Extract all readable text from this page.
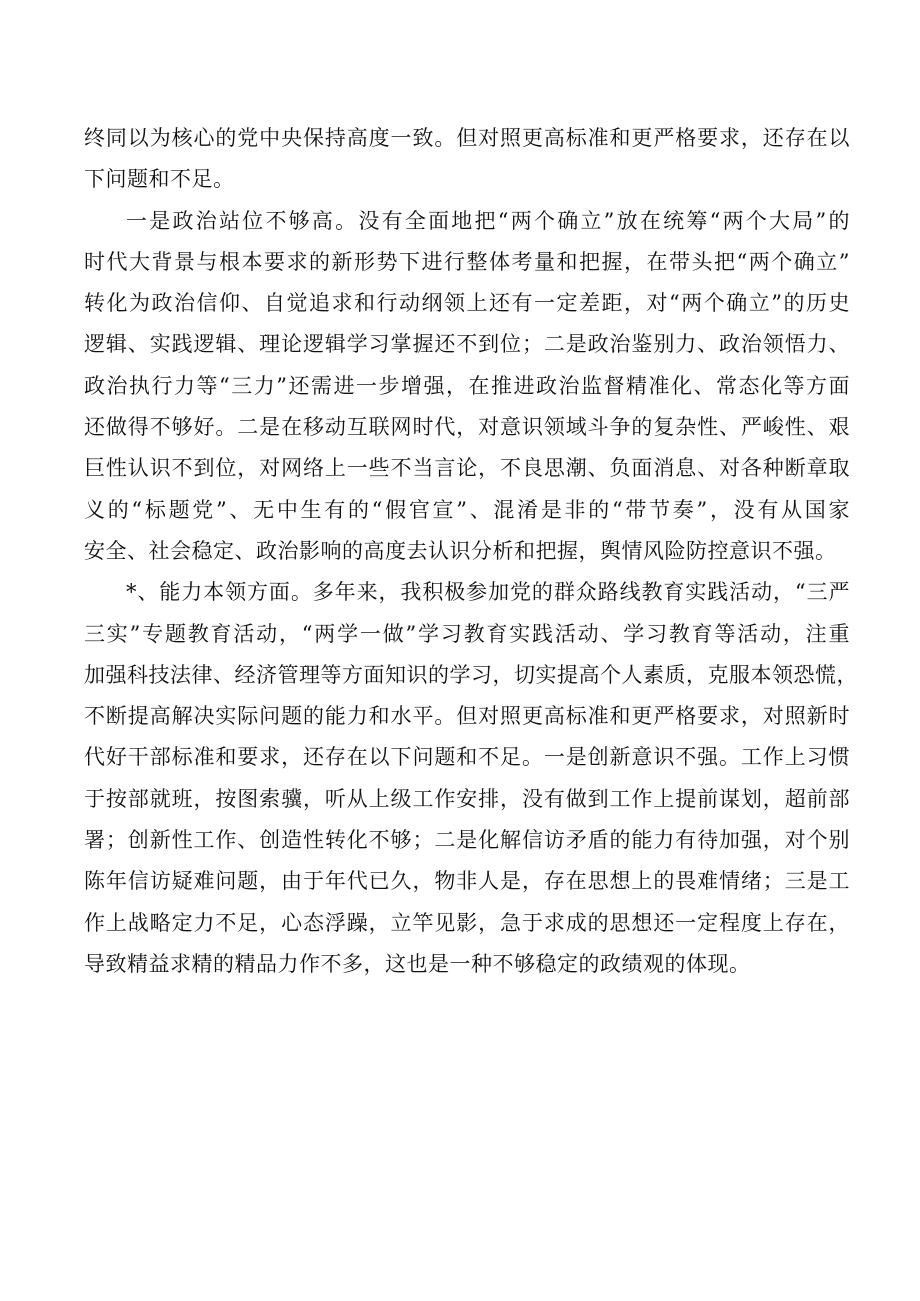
终同以为核心的党中央保持高度一致。但对照更高标准和更严格要求，还存在以
下问题和不足。
一是政治站位不够高。没有全面地把“两个确立”放在统筹“两个大局”的
时代大背景与根本要求的新形势下进行整体考量和把握，在带头把“两个确立”
转化为政治信仰、自觉追求和行动纲领上还有一定差距，对“两个确立”的历史
逻辑、实践逻辑、理论逻辑学习掌握还不到位；二是政治鉴别力、政治领悟力、
政治执行力等“三力”还需进一步增强，在推进政治监督精准化、常态化等方面
还做得不够好。二是在移动互联网时代，对意识领域斗争的复杂性、严峻性、艰
巨性认识不到位，对网络上一些不当言论，不良思潮、负面消息、对各种断章取
义的“标题党”、无中生有的“假官宣”、混淆是非的“带节奏”，没有从国家
安全、社会稳定、政治影响的高度去认识分析和把握，舆情风险防控意识不强。
*、能力本领方面。多年来，我积极参加党的群众路线教育实践活动，“三严
三实”专题教育活动，“两学一做”学习教育实践活动、学习教育等活动，注重
加强科技法律、经济管理等方面知识的学习，切实提高个人素质，克服本领恐慌，
不断提高解决实际问题的能力和水平。但对照更高标准和更严格要求，对照新时
代好干部标准和要求，还存在以下问题和不足。一是创新意识不强。工作上习惯
于按部就班，按图索骥，听从上级工作安排，没有做到工作上提前谋划，超前部
署；创新性工作、创造性转化不够；二是化解信访矛盾的能力有待加强，对个别
陈年信访疑难问题，由于年代已久，物非人是，存在思想上的畏难情绪；三是工
作上战略定力不足，心态浮躁，立竿见影，急于求成的思想还一定程度上存在，
导致精益求精的精品力作不多，这也是一种不够稳定的政绩观的体现。
